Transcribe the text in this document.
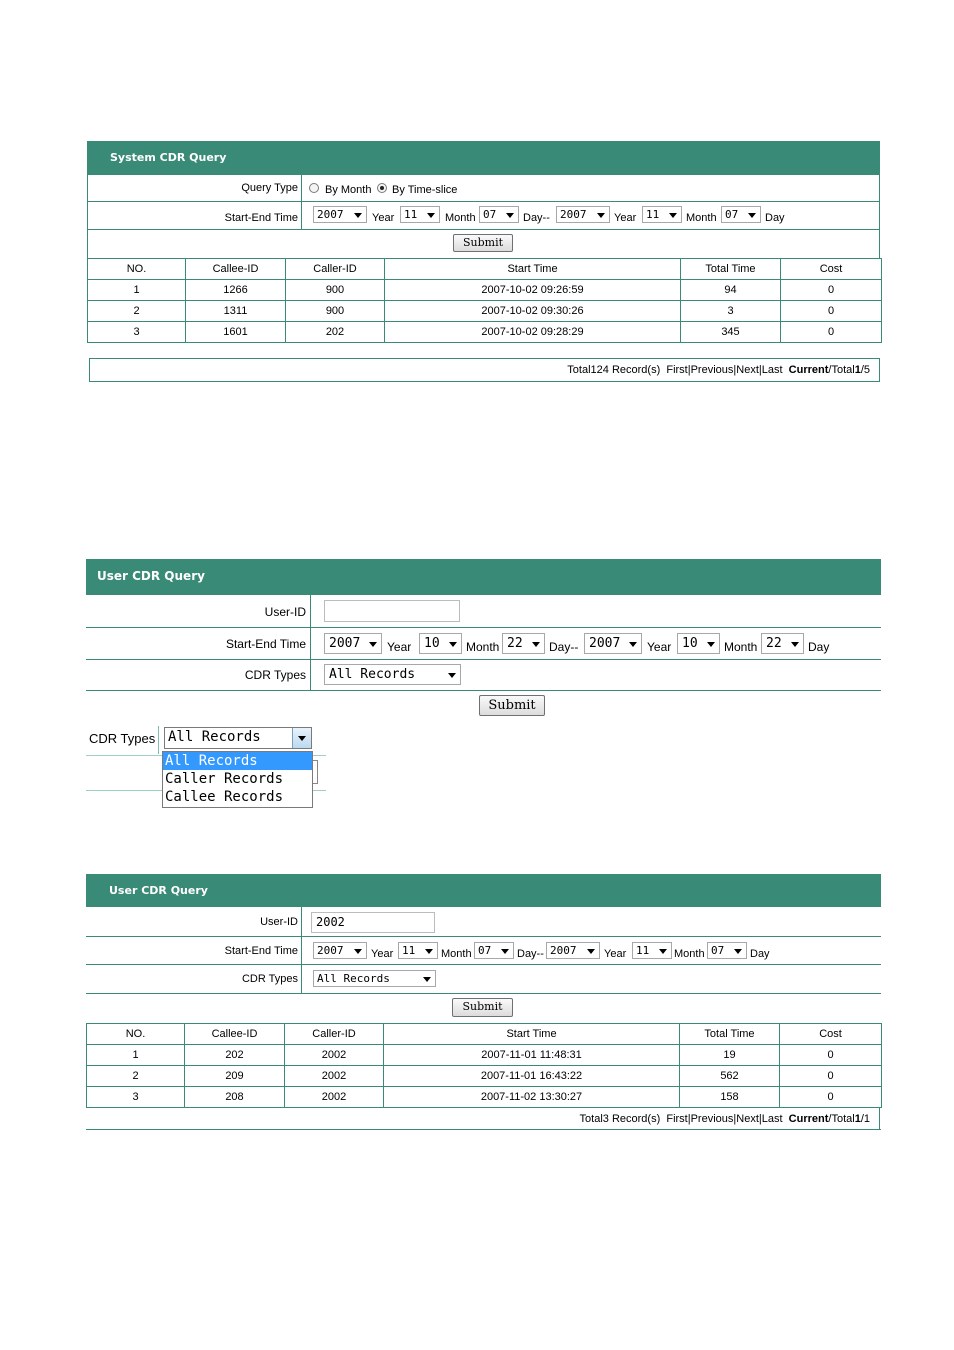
System CDR Query
Query Type By Month By Time-slice
Start-End Time	2007	Year 11	Month 07	Day-- 2007	Year 11	Month 07	Day
Submit
NO.	Callee-ID	Caller-ID	Start Time	Total Time	Cost
1	1266	900	2007-10-02 09:26:59	94	0
2	1311	900	2007-10-02 09:30:26	3	0
3	1601	202	2007-10-02 09:28:29	345	0
Total124 Record(s) First|Previous|Next|Last Current/Total1/5
User CDR Query
User-ID
Start-End Time	2007	Year 10	Month 22	Day-- 2007	Year 10	Month 22	Day
CDR Types	All Records
Submit
CDR Types All Records
All Records
Caller Records
Callee Records
User CDR Query
User-ID	2002
Start-End Time	2007	Year 11	Month 07	Day-- 2007	Year 11	Month 07	Day
CDR Types	All Records
Submit
NO.	Callee-ID	Caller-ID	Start Time	Total Time	Cost
1	202	2002	2007-11-01 11:48:31	19	0
2	209	2002	2007-11-01 16:43:22	562	0
3	208	2002	2007-11-02 13:30:27	158	0
Total3 Record(s) First|Previous|Next|Last Current/Total1/1
